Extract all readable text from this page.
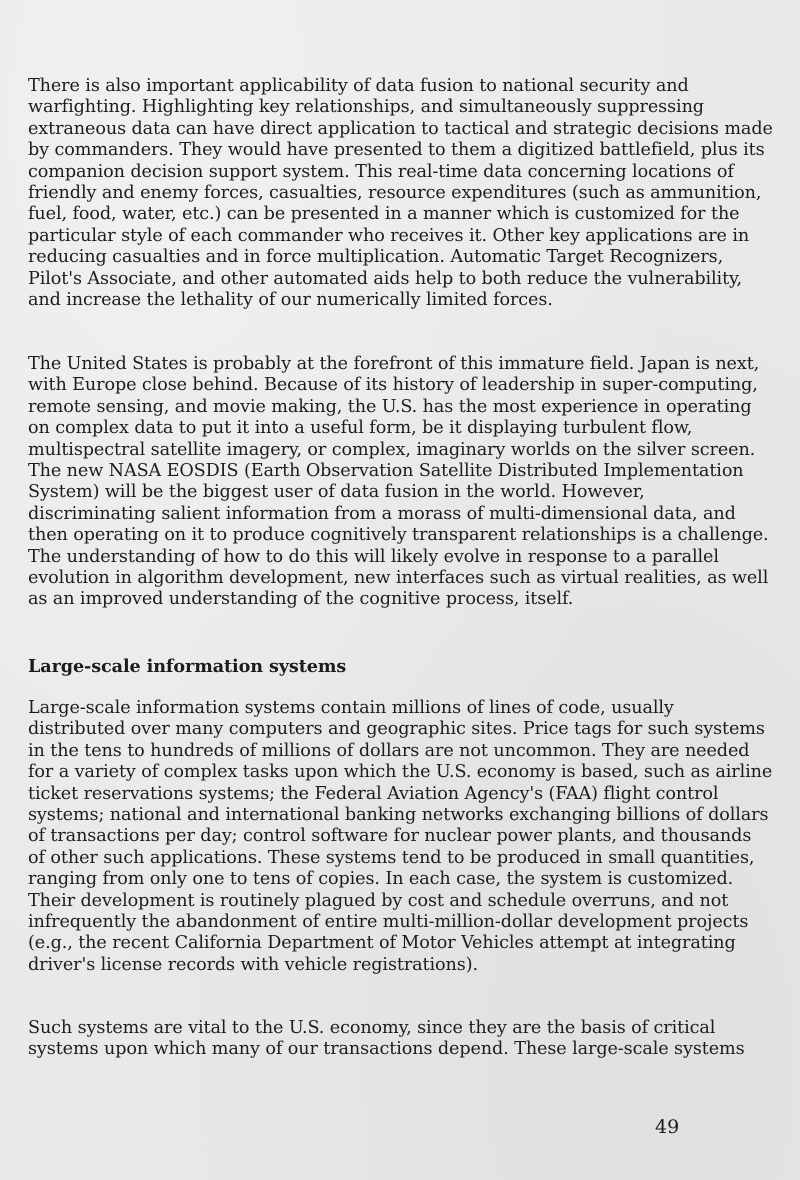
There is also important applicability of data fusion to national security and warfighting. Highlighting key relationships, and simultaneously suppressing extraneous data can have direct application to tactical and strategic decisions made by commanders. They would have presented to them a digitized battlefield, plus its companion decision support system. This real-time data concerning locations of friendly and enemy forces, casualties, resource expenditures (such as ammunition, fuel, food, water, etc.) can be presented in a manner which is customized for the particular style of each commander who receives it. Other key applications are in reducing casualties and in force multiplication. Automatic Target Recognizers, Pilot's Associate, and other automated aids help to both reduce the vulnerability, and increase the lethality of our numerically limited forces.

The United States is probably at the forefront of this immature field. Japan is next, with Europe close behind. Because of its history of leadership in super-computing, remote sensing, and movie making, the U.S. has the most experience in operating on complex data to put it into a useful form, be it displaying turbulent flow, multispectral satellite imagery, or complex, imaginary worlds on the silver screen. The new NASA EOSDIS (Earth Observation Satellite Distributed Implementation System) will be the biggest user of data fusion in the world. However, discriminating salient information from a morass of multi-dimensional data, and then operating on it to produce cognitively transparent relationships is a challenge. The understanding of how to do this will likely evolve in response to a parallel evolution in algorithm development, new interfaces such as virtual realities, as well as an improved understanding of the cognitive process, itself.

Large-scale information systems

Large-scale information systems contain millions of lines of code, usually distributed over many computers and geographic sites. Price tags for such systems in the tens to hundreds of millions of dollars are not uncommon. They are needed for a variety of complex tasks upon which the U.S. economy is based, such as airline ticket reservations systems; the Federal Aviation Agency's (FAA) flight control systems; national and international banking networks exchanging billions of dollars of transactions per day; control software for nuclear power plants, and thousands of other such applications. These systems tend to be produced in small quantities, ranging from only one to tens of copies. In each case, the system is customized. Their development is routinely plagued by cost and schedule overruns, and not infrequently the abandonment of entire multi-million-dollar development projects (e.g., the recent California Department of Motor Vehicles attempt at integrating driver's license records with vehicle registrations).

Such systems are vital to the U.S. economy, since they are the basis of critical systems upon which many of our transactions depend. These large-scale systems

49
